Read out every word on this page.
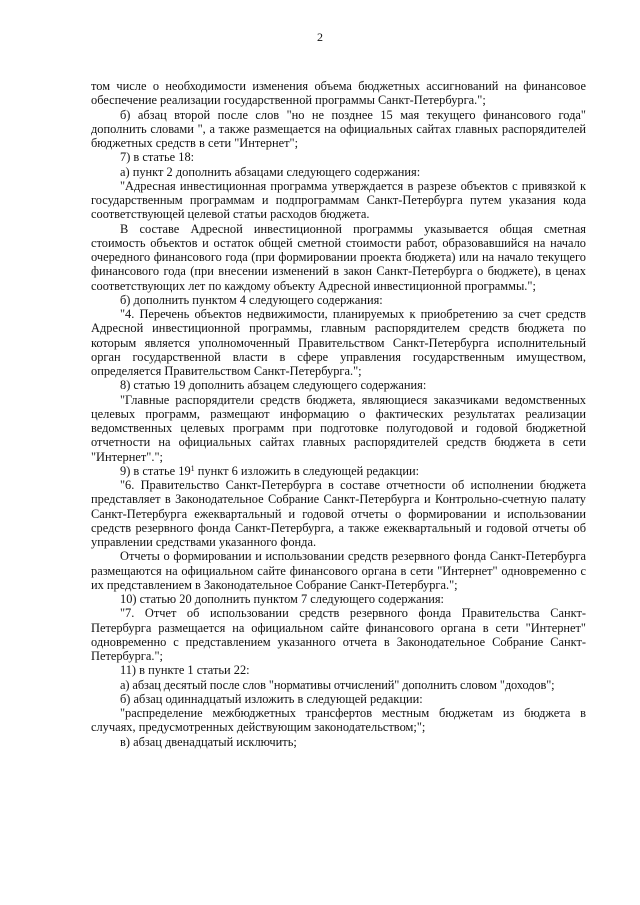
2

том числе о необходимости изменения объема бюджетных ассигнований на финансовое обеспечение реализации государственной программы Санкт-Петербурга.";

б) абзац второй после слов "но не позднее 15 мая текущего финансового года" дополнить словами ", а также размещается на официальных сайтах главных распорядителей бюджетных средств в сети "Интернет";

7) в статье 18:

а) пункт 2 дополнить абзацами следующего содержания:

"Адресная инвестиционная программа утверждается в разрезе объектов с привязкой к государственным программам и подпрограммам Санкт-Петербурга путем указания кода соответствующей целевой статьи расходов бюджета.

В составе Адресной инвестиционной программы указывается общая сметная стоимость объектов и остаток общей сметной стоимости работ, образовавшийся на начало очередного финансового года (при формировании проекта бюджета) или на начало текущего финансового года (при внесении изменений в закон Санкт-Петербурга о бюджете), в ценах соответствующих лет по каждому объекту Адресной инвестиционной программы.";

б) дополнить пунктом 4 следующего содержания:

"4. Перечень объектов недвижимости, планируемых к приобретению за счет средств Адресной инвестиционной программы, главным распорядителем средств бюджета по которым является уполномоченный Правительством Санкт-Петербурга исполнительный орган государственной власти в сфере управления государственным имуществом, определяется Правительством Санкт-Петербурга.";

8) статью 19 дополнить абзацем следующего содержания:

"Главные распорядители средств бюджета, являющиеся заказчиками ведомственных целевых программ, размещают информацию о фактических результатах реализации ведомственных целевых программ при подготовке полугодовой и годовой бюджетной отчетности на официальных сайтах главных распорядителей средств бюджета в сети "Интернет".";

9) в статье $19^1$ пункт 6 изложить в следующей редакции:

"6. Правительство Санкт-Петербурга в составе отчетности об исполнении бюджета представляет в Законодательное Собрание Санкт-Петербурга и Контрольно-счетную палату Санкт-Петербурга ежеквартальный и годовой отчеты о формировании и использовании средств резервного фонда Санкт-Петербурга, а также ежеквартальный и годовой отчеты об управлении средствами указанного фонда.

Отчеты о формировании и использовании средств резервного фонда Санкт-Петербурга размещаются на официальном сайте финансового органа в сети "Интернет" одновременно с их представлением в Законодательное Собрание Санкт-Петербурга.";

10) статью 20 дополнить пунктом 7 следующего содержания:

"7. Отчет об использовании средств резервного фонда Правительства Санкт-Петербурга размещается на официальном сайте финансового органа в сети "Интернет" одновременно с представлением указанного отчета в Законодательное Собрание Санкт-Петербурга.";

11) в пункте 1 статьи 22:

а) абзац десятый после слов "нормативы отчислений" дополнить словом "доходов";

б) абзац одиннадцатый изложить в следующей редакции:

"распределение межбюджетных трансфертов местным бюджетам из бюджета в случаях, предусмотренных действующим законодательством;";

в) абзац двенадцатый исключить;
